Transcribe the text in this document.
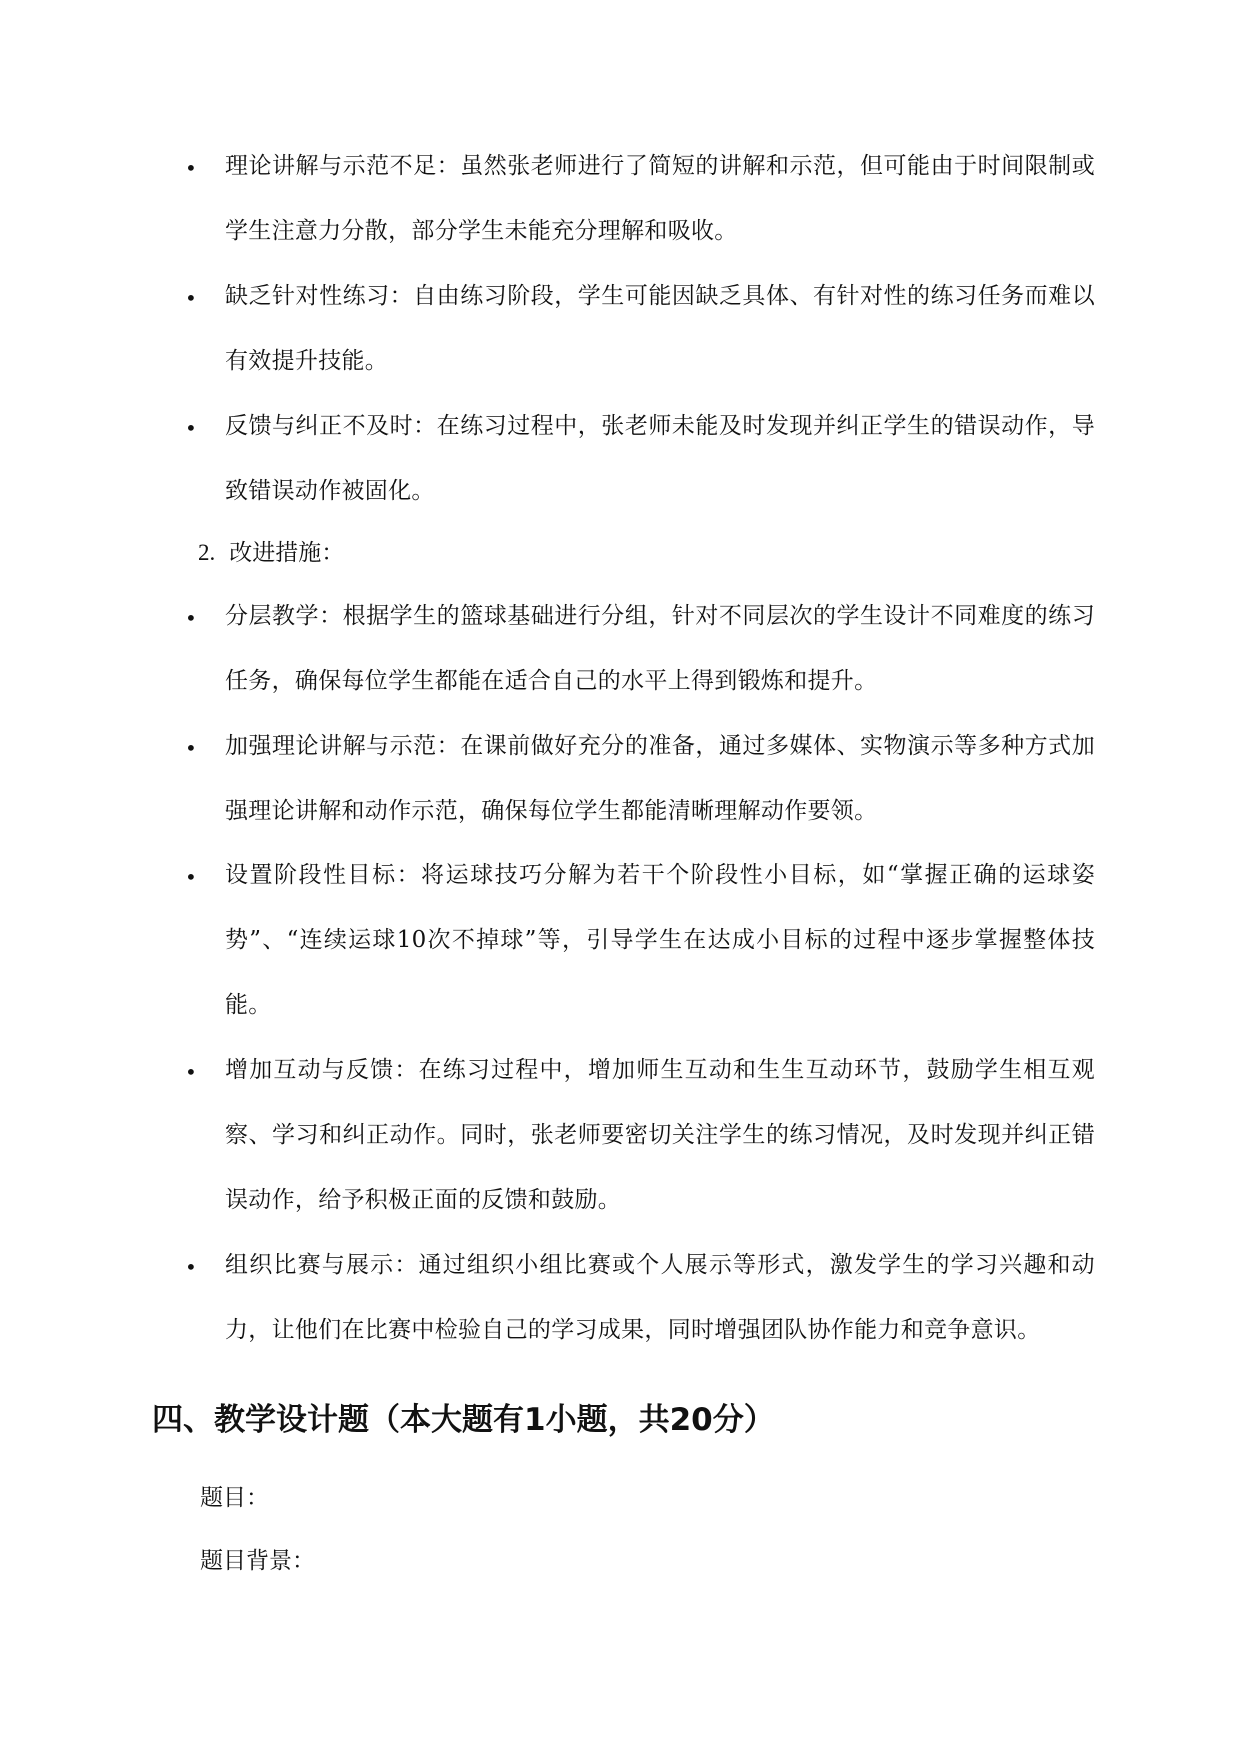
• 理论讲解与示范不足：虽然张老师进行了简短的讲解和示范，但可能由于时间限制或学生注意力分散，部分学生未能充分理解和吸收。
• 缺乏针对性练习：自由练习阶段，学生可能因缺乏具体、有针对性的练习任务而难以有效提升技能。
• 反馈与纠正不及时：在练习过程中，张老师未能及时发现并纠正学生的错误动作，导致错误动作被固化。
2. 改进措施：
• 分层教学：根据学生的篮球基础进行分组，针对不同层次的学生设计不同难度的练习任务，确保每位学生都能在适合自己的水平上得到锻炼和提升。
• 加强理论讲解与示范：在课前做好充分的准备，通过多媒体、实物演示等多种方式加强理论讲解和动作示范，确保每位学生都能清晰理解动作要领。
• 设置阶段性目标：将运球技巧分解为若干个阶段性小目标，如“掌握正确的运球姿势”、“连续运球10次不掉球”等，引导学生在达成小目标的过程中逐步掌握整体技能。
• 增加互动与反馈：在练习过程中，增加师生互动和生生互动环节，鼓励学生相互观察、学习和纠正动作。同时，张老师要密切关注学生的练习情况，及时发现并纠正错误动作，给予积极正面的反馈和鼓励。
• 组织比赛与展示：通过组织小组比赛或个人展示等形式，激发学生的学习兴趣和动力，让他们在比赛中检验自己的学习成果，同时增强团队协作能力和竞争意识。
四、教学设计题（本大题有1小题，共20分）
题目：
题目背景：
